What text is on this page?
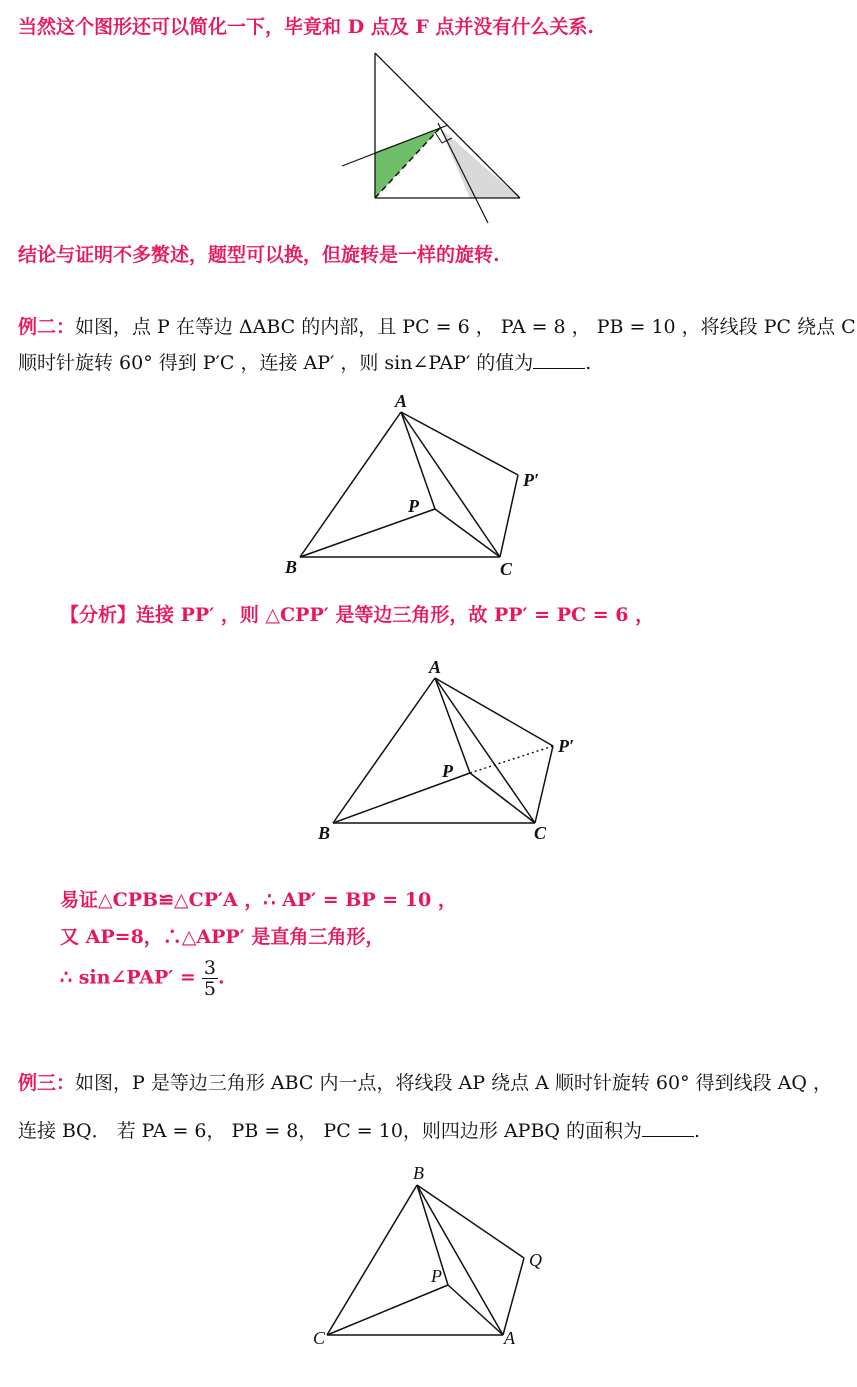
当然这个图形还可以简化一下，毕竟和 D 点及 F 点并没有什么关系.
结论与证明不多赘述，题型可以换，但旋转是一样的旋转.
例二：如图，点 P 在等边 ΔABC 的内部，且 PC = 6 ， PA = 8 ， PB = 10 ，将线段 PC 绕点 C
顺时针旋转 60° 得到 P′C ，连接 AP′ ，则 sin∠PAP′ 的值为	.
A
B	C
P
P′
【分析】连接 PP′ ，则 △CPP′ 是等边三角形，故 PP′ = PC = 6 ，
A
B	C
P
P′
易证△CPB≌△CP′A ，∴ AP′ = BP = 10 ，
又 AP=8，∴△APP′ 是直角三角形，
∴ sin∠PAP′ = $\frac{3}{5}$ .
例三：如图，P 是等边三角形 ABC 内一点，将线段 AP 绕点 A 顺时针旋转 60° 得到线段 AQ ，
连接 BQ． 若 PA = 6， PB = 8， PC = 10，则四边形 APBQ 的面积为	.
B
C	A
P
Q
